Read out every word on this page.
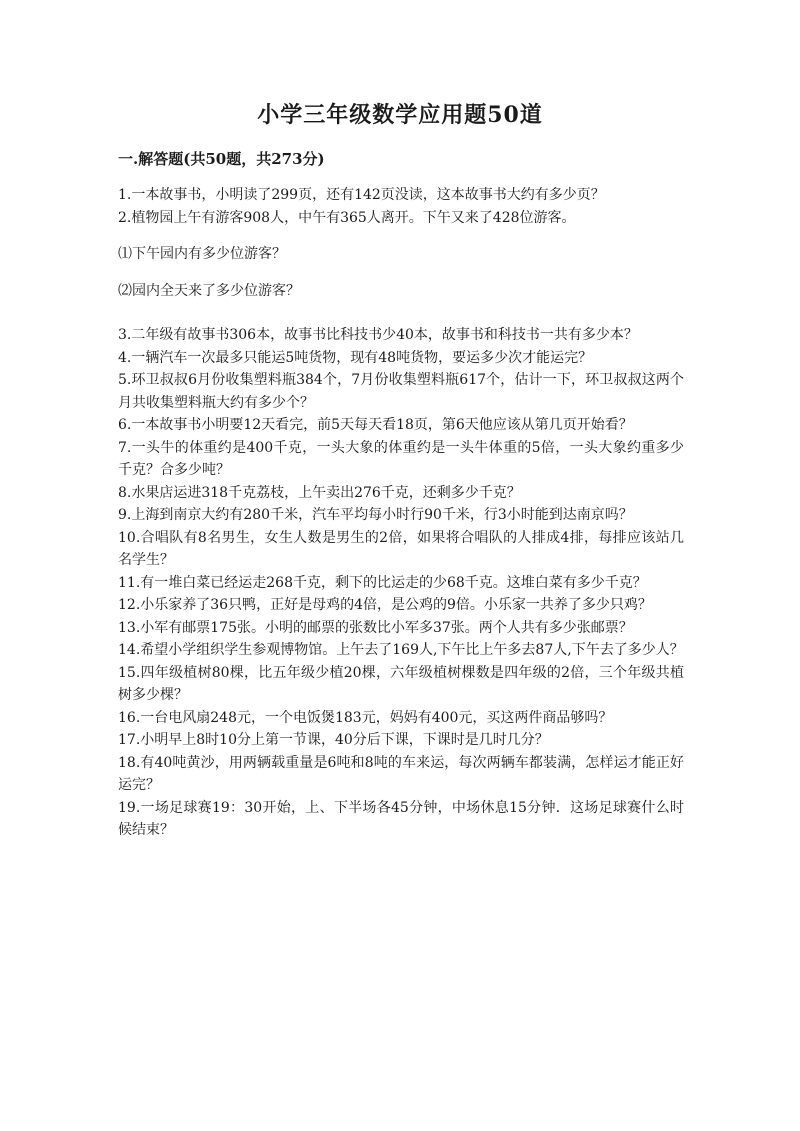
小学三年级数学应用题50道
一.解答题(共50题，共273分)

1.一本故事书，小明读了299页，还有142页没读，这本故事书大约有多少页？

2.植物园上午有游客908人，中午有365人离开。下午又来了428位游客。

⑴下午园内有多少位游客？

⑵园内全天来了多少位游客？

3.二年级有故事书306本，故事书比科技书少40本，故事书和科技书一共有多少本？

4.一辆汽车一次最多只能运5吨货物，现有48吨货物，要运多少次才能运完？

5.环卫叔叔6月份收集塑料瓶384个，7月份收集塑料瓶617个，估计一下，环卫叔叔这两个月共收集塑料瓶大约有多少个？

6.一本故事书小明要12天看完，前5天每天看18页，第6天他应该从第几页开始看？

7.一头牛的体重约是400千克，一头大象的体重约是一头牛体重的5倍，一头大象约重多少千克？合多少吨？

8.水果店运进318千克荔枝，上午卖出276千克，还剩多少千克？

9.上海到南京大约有280千米，汽车平均每小时行90千米，行3小时能到达南京吗？

10.合唱队有8名男生，女生人数是男生的2倍，如果将合唱队的人排成4排，每排应该站几名学生？

11.有一堆白菜已经运走268千克，剩下的比运走的少68千克。这堆白菜有多少千克？

12.小乐家养了36只鸭，正好是母鸡的4倍，是公鸡的9倍。小乐家一共养了多少只鸡？

13.小军有邮票175张。小明的邮票的张数比小军多37张。两个人共有多少张邮票？

14.希望小学组织学生参观博物馆。上午去了169人,下午比上午多去87人,下午去了多少人？

15.四年级植树80棵，比五年级少植20棵，六年级植树棵数是四年级的2倍，三个年级共植树多少棵？

16.一台电风扇248元，一个电饭煲183元，妈妈有400元，买这两件商品够吗？

17.小明早上8时10分上第一节课，40分后下课，下课时是几时几分？

18.有40吨黄沙，用两辆载重量是6吨和8吨的车来运，每次两辆车都装满，怎样运才能正好运完？

19.一场足球赛19：30开始，上、下半场各45分钟，中场休息15分钟．这场足球赛什么时候结束？
